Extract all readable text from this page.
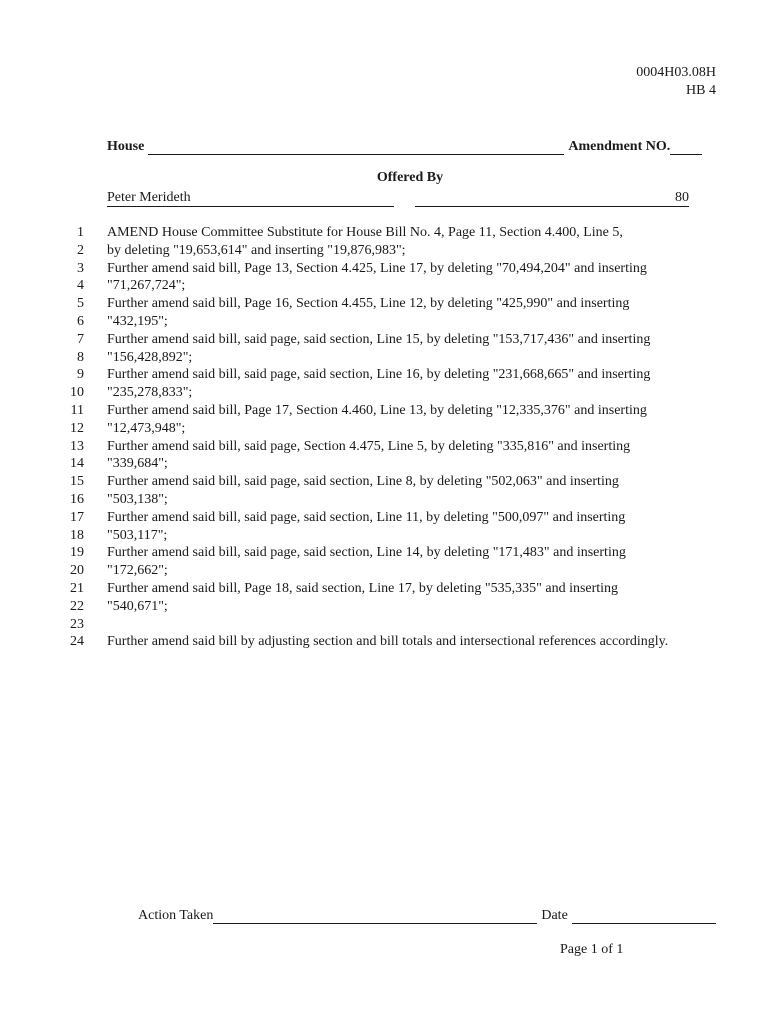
0004H03.08H
HB 4
House	Amendment NO.
Offered By
Peter Merideth	80
1 AMEND House Committee Substitute for House Bill No. 4, Page 11, Section 4.400, Line 5,
2 by deleting "19,653,614" and inserting "19,876,983";
3 Further amend said bill, Page 13, Section 4.425, Line 17, by deleting "70,494,204" and inserting
4 "71,267,724";
5 Further amend said bill, Page 16, Section 4.455, Line 12, by deleting "425,990" and inserting
6 "432,195";
7 Further amend said bill, said page, said section, Line 15, by deleting "153,717,436" and inserting
8 "156,428,892";
9 Further amend said bill, said page, said section, Line 16, by deleting "231,668,665" and inserting
10 "235,278,833";
11 Further amend said bill, Page 17, Section 4.460, Line 13, by deleting "12,335,376" and inserting
12 "12,473,948";
13 Further amend said bill, said page, Section 4.475, Line 5, by deleting "335,816" and inserting
14 "339,684";
15 Further amend said bill, said page, said section, Line 8, by deleting "502,063" and inserting
16 "503,138";
17 Further amend said bill, said page, said section, Line 11, by deleting "500,097" and inserting
18 "503,117";
19 Further amend said bill, said page, said section, Line 14, by deleting "171,483" and inserting
20 "172,662";
21 Further amend said bill, Page 18, said section, Line 17, by deleting "535,335" and inserting
22 "540,671";
23
24 Further amend said bill by adjusting section and bill totals and intersectional references accordingly.
Action Taken	Date
Page 1 of 1
